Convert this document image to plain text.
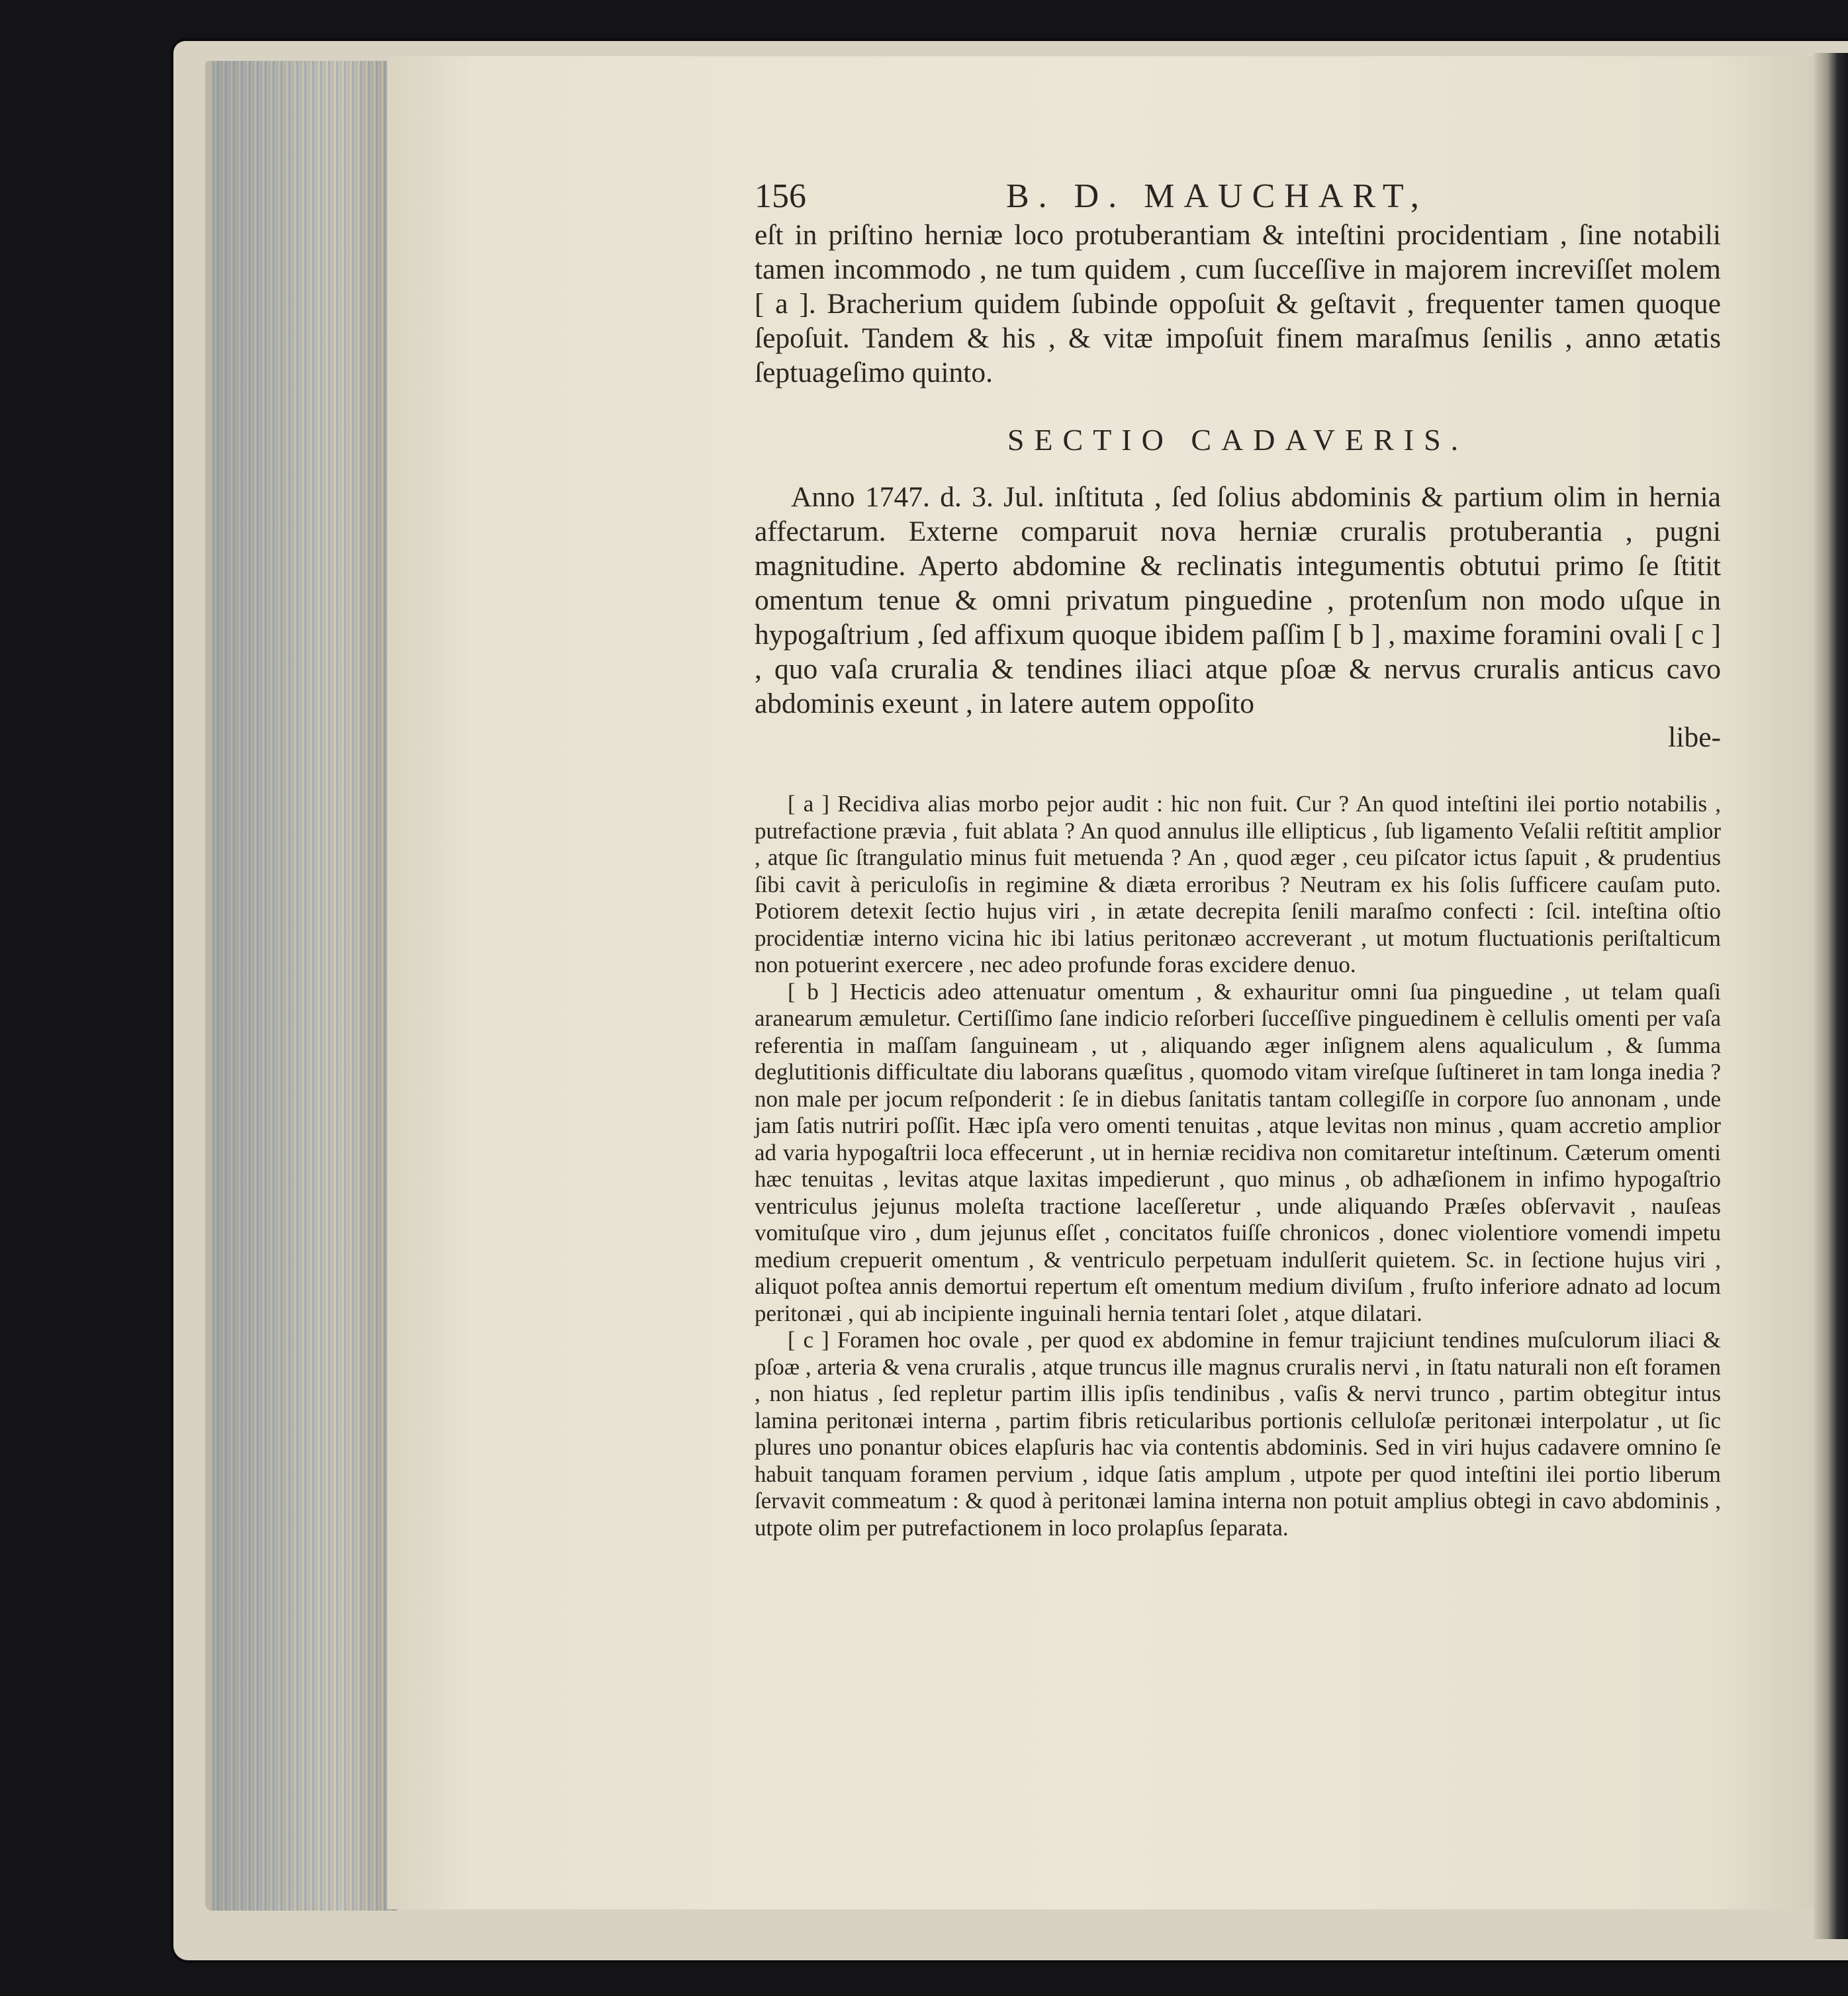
156	B. D. MAUCHART,

eſt in priſtino herniæ loco protuberantiam & inteſtini procidentiam , ſine notabili tamen incommodo , ne tum quidem , cum ſucceſſive in majorem increviſſet molem [ a ]. Bracherium quidem ſubinde oppoſuit & geſtavit , frequenter tamen quoque ſepoſuit. Tandem & his , & vitæ impoſuit finem maraſmus ſenilis , anno ætatis ſeptuageſimo quinto.

SECTIO CADAVERIS.

Anno 1747. d. 3. Jul. inſtituta , ſed ſolius abdominis & partium olim in hernia affectarum. Externe comparuit nova herniæ cruralis protuberantia , pugni magnitudine. Aperto abdomine & reclinatis integumentis obtutui primo ſe ſtitit omentum tenue & omni privatum pinguedine , protenſum non modo uſque in hypogaſtrium , ſed affixum quoque ibidem paſſim [ b ] , maxime foramini ovali [ c ] , quo vaſa cruralia & tendines iliaci atque pſoæ & nervus cruralis anticus cavo abdominis exeunt , in latere autem oppoſito

libe-

[ a ] Recidiva alias morbo pejor audit : hic non fuit. Cur ? An quod inteſtini ilei portio notabilis , putrefactione prævia , fuit ablata ? An quod annulus ille ellipticus , ſub ligamento Veſalii reſtitit amplior , atque ſic ſtrangulatio minus fuit metuenda ? An , quod æger , ceu piſcator ictus ſapuit , & prudentius ſibi cavit à periculoſis in regimine & diæta erroribus ? Neutram ex his ſolis ſufficere cauſam puto. Potiorem detexit ſectio hujus viri , in ætate decrepita ſenili maraſmo confecti : ſcil. inteſtina oſtio procidentiæ interno vicina hic ibi latius peritonæo accreverant , ut motum fluctuationis periſtalticum non potuerint exercere , nec adeo profunde foras excidere denuo.

[ b ] Hecticis adeo attenuatur omentum , & exhauritur omni ſua pinguedine , ut telam quaſi aranearum æmuletur. Certiſſimo ſane indicio reſorberi ſucceſſive pinguedinem è cellulis omenti per vaſa referentia in maſſam ſanguineam , ut , aliquando æger inſignem alens aqualiculum , & ſumma deglutitionis difficultate diu laborans quæſitus , quomodo vitam vireſque ſuſtineret in tam longa inedia ? non male per jocum reſponderit : ſe in diebus ſanitatis tantam collegiſſe in corpore ſuo annonam , unde jam ſatis nutriri poſſit. Hæc ipſa vero omenti tenuitas , atque levitas non minus , quam accretio amplior ad varia hypogaſtrii loca effecerunt , ut in herniæ recidiva non comitaretur inteſtinum. Cæterum omenti hæc tenuitas , levitas atque laxitas impedierunt , quo minus , ob adhæſionem in infimo hypogaſtrio ventriculus jejunus moleſta tractione laceſſeretur , unde aliquando Præſes obſervavit , nauſeas vomituſque viro , dum jejunus eſſet , concitatos fuiſſe chronicos , donec violentiore vomendi impetu medium crepuerit omentum , & ventriculo perpetuam indulſerit quietem. Sc. in ſectione hujus viri , aliquot poſtea annis demortui repertum eſt omentum medium diviſum , fruſto inferiore adnato ad locum peritonæi , qui ab incipiente inguinali hernia tentari ſolet , atque dilatari.

[ c ] Foramen hoc ovale , per quod ex abdomine in femur trajiciunt tendines muſculorum iliaci & pſoæ , arteria & vena cruralis , atque truncus ille magnus cruralis nervi , in ſtatu naturali non eſt foramen , non hiatus , ſed repletur partim illis ipſis tendinibus , vaſis & nervi trunco , partim obtegitur intus lamina peritonæi interna , partim fibris reticularibus portionis celluloſæ peritonæi interpolatur , ut ſic plures uno ponantur obices elapſuris hac via contentis abdominis. Sed in viri hujus cadavere omnino ſe habuit tanquam foramen pervium , idque ſatis amplum , utpote per quod inteſtini ilei portio liberum ſervavit commeatum : & quod à peritonæi lamina interna non potuit amplius obtegi in cavo abdominis , utpote olim per putrefactionem in loco prolapſus ſeparata.
